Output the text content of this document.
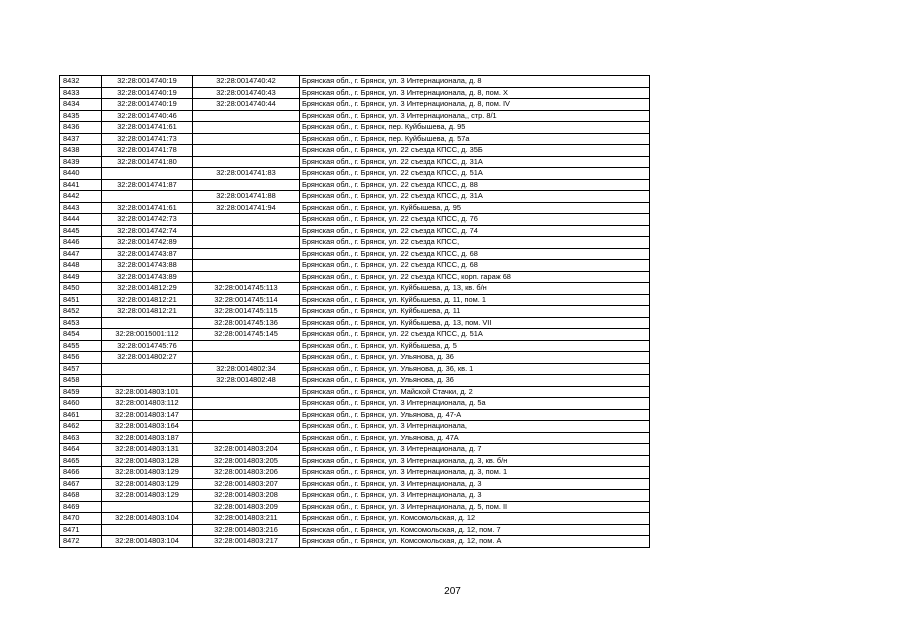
8432	32:28:0014740:19	32:28:0014740:42	Брянская обл., г. Брянск, ул. 3 Интернационала, д. 8
8433	32:28:0014740:19	32:28:0014740:43	Брянская обл., г. Брянск, ул. 3 Интернационала, д. 8, пом. X
8434	32:28:0014740:19	32:28:0014740:44	Брянская обл., г. Брянск, ул. 3 Интернационала, д. 8, пом. IV
8435	32:28:0014740:46		Брянская обл., г. Брянск, ул. 3 Интернационала,, стр. 8/1
8436	32:28:0014741:61		Брянская обл., г. Брянск, пер. Куйбышева, д. 95
8437	32:28:0014741:73		Брянская обл., г. Брянск, пер. Куйбышева, д. 57а
8438	32:28:0014741:78		Брянская обл., г. Брянск, ул. 22 съезда КПСС, д. 35Б
8439	32:28:0014741:80		Брянская обл., г. Брянск, ул. 22 съезда КПСС, д. 31А
8440		32:28:0014741:83	Брянская обл., г. Брянск, ул. 22 съезда КПСС, д. 51А
8441	32:28:0014741:87		Брянская обл., г. Брянск, ул. 22 съезда КПСС, д. 88
8442		32:28:0014741:88	Брянская обл., г. Брянск, ул. 22 съезда КПСС, д. 31А
8443	32:28:0014741:61	32:28:0014741:94	Брянская обл., г. Брянск, ул. Куйбышева, д. 95
8444	32:28:0014742:73		Брянская обл., г. Брянск, ул. 22 съезда КПСС, д. 76
8445	32:28:0014742:74		Брянская обл., г. Брянск, ул. 22 съезда КПСС, д. 74
8446	32:28:0014742:89		Брянская обл., г. Брянск, ул. 22 съезда КПСС,
8447	32:28:0014743:87		Брянская обл., г. Брянск, ул. 22 съезда КПСС, д. 68
8448	32:28:0014743:88		Брянская обл., г. Брянск, ул. 22 съезда КПСС, д. 68
8449	32:28:0014743:89		Брянская обл., г. Брянск, ул. 22 съезда КПСС, корп. гараж 68
8450	32:28:0014812:29	32:28:0014745:113	Брянская обл., г. Брянск, ул. Куйбышева, д. 13, кв. б/н
8451	32:28:0014812:21	32:28:0014745:114	Брянская обл., г. Брянск, ул. Куйбышева, д. 11, пом. 1
8452	32:28:0014812:21	32:28:0014745:115	Брянская обл., г. Брянск, ул. Куйбышева, д. 11
8453		32:28:0014745:136	Брянская обл., г. Брянск, ул. Куйбышева, д. 13, пом. VII
8454	32:28:0015001:112	32:28:0014745:145	Брянская обл., г. Брянск, ул. 22 съезда КПСС, д. 51А
8455	32:28:0014745:76		Брянская обл., г. Брянск, ул. Куйбышева, д. 5
8456	32:28:0014802:27		Брянская обл., г. Брянск, ул. Ульянова, д. 36
8457		32:28:0014802:34	Брянская обл., г. Брянск, ул. Ульянова, д. 36, кв. 1
8458		32:28:0014802:48	Брянская обл., г. Брянск, ул. Ульянова, д. 36
8459	32:28:0014803:101		Брянская обл., г. Брянск, ул. Майской Стачки, д. 2
8460	32:28:0014803:112		Брянская обл., г. Брянск, ул. 3 Интернационала, д. 5а
8461	32:28:0014803:147		Брянская обл., г. Брянск, ул. Ульянова, д. 47-А
8462	32:28:0014803:164		Брянская обл., г. Брянск, ул. 3 Интернационала,
8463	32:28:0014803:187		Брянская обл., г. Брянск, ул. Ульянова, д. 47А
8464	32:28:0014803:131	32:28:0014803:204	Брянская обл., г. Брянск, ул. 3 Интернационала, д. 7
8465	32:28:0014803:128	32:28:0014803:205	Брянская обл., г. Брянск, ул. 3 Интернационала, д. 3, кв. б/н
8466	32:28:0014803:129	32:28:0014803:206	Брянская обл., г. Брянск, ул. 3 Интернационала, д. 3, пом. 1
8467	32:28:0014803:129	32:28:0014803:207	Брянская обл., г. Брянск, ул. 3 Интернационала, д. 3
8468	32:28:0014803:129	32:28:0014803:208	Брянская обл., г. Брянск, ул. 3 Интернационала, д. 3
8469		32:28:0014803:209	Брянская обл., г. Брянск, ул. 3 Интернационала, д. 5, пом. II
8470	32:28:0014803:104	32:28:0014803:211	Брянская обл., г. Брянск, ул. Комсомольская, д. 12
8471		32:28:0014803:216	Брянская обл., г. Брянск, ул. Комсомольская, д. 12, пом. 7
8472	32:28:0014803:104	32:28:0014803:217	Брянская обл., г. Брянск, ул. Комсомольская, д. 12, пом. А
207
